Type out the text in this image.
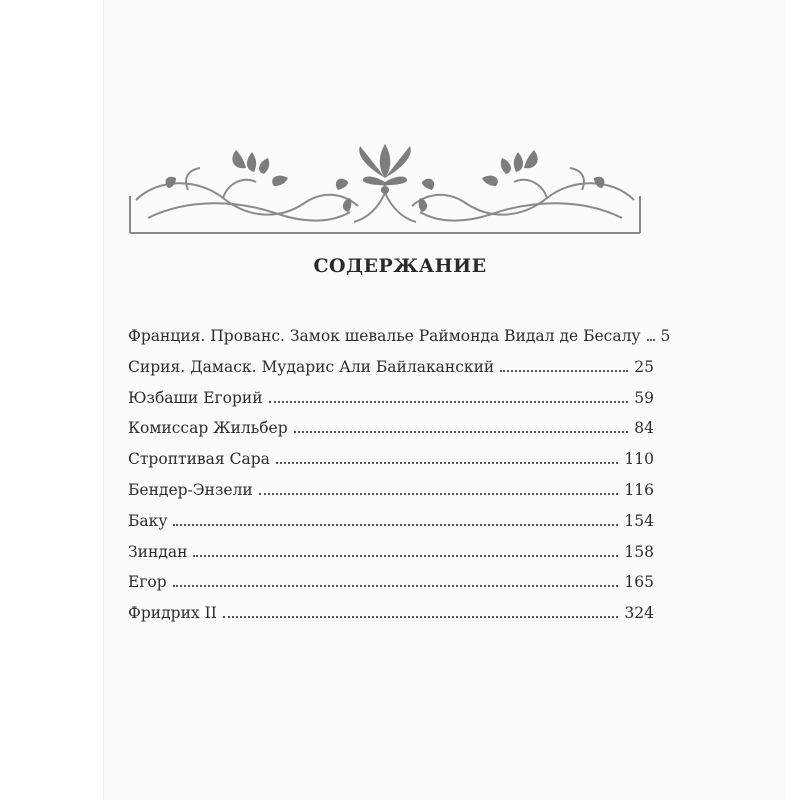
СОДЕРЖАНИЕ
Франция. Прованс. Замок шевалье Раймонда Видал де Бесалу 5
Сирия. Дамаск. Мударис Али Байлаканский	25
Юзбаши Егорий	59
Комиссар Жильбер	84
Строптивая Сара	110
Бендер-Энзели	116
Баку	154
Зиндан	158
Егор	165
Фридрих II	324
